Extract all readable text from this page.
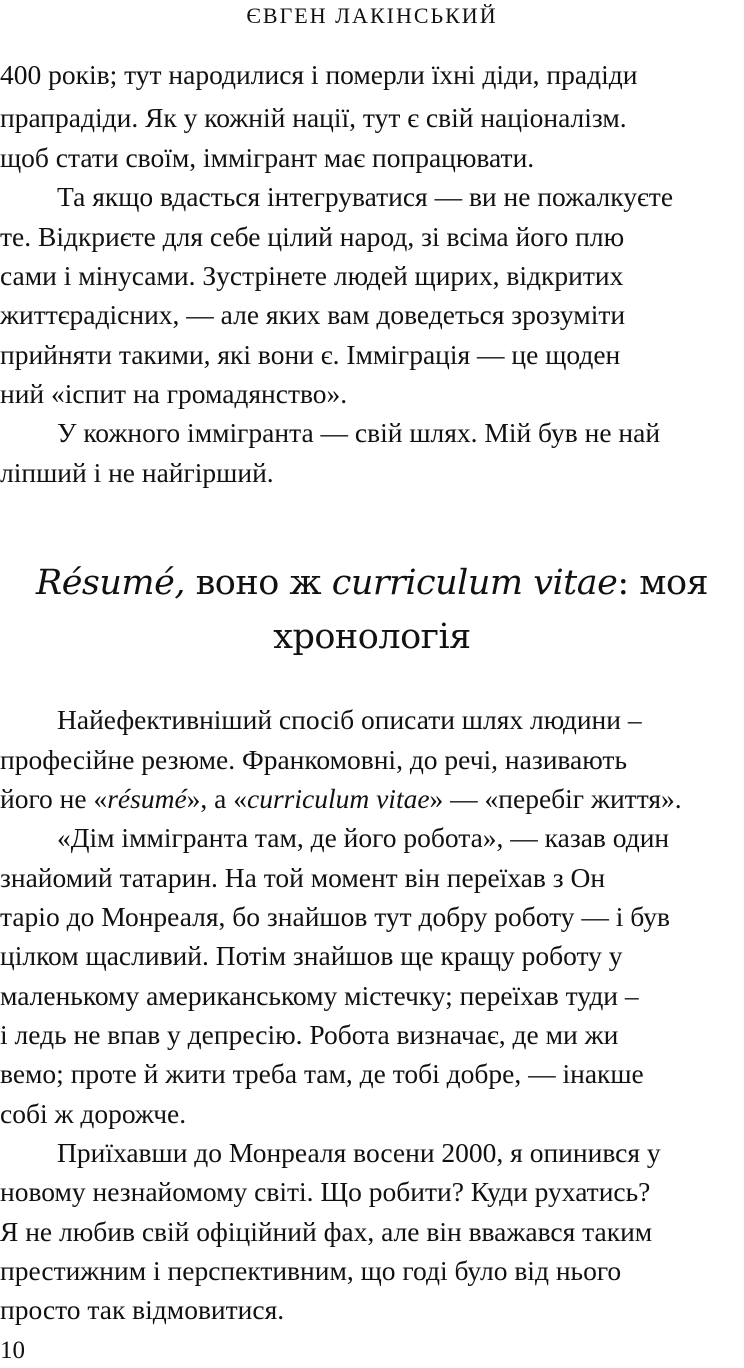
ЄВГЕН ЛАКІНСЬКИЙ
400 років; тут народилися і померли їхні діди, прадіди
прапрадіди. Як у кожній нації, тут є свій націоналізм.
щоб стати своїм, іммігрант має попрацювати.
Та якщо вдасться інтегруватися — ви не пожалкуєте
те. Відкриєте для себе цілий народ, зі всіма його плю
сами і мінусами. Зустрінете людей щирих, відкритих
життєрадісних, — але яких вам доведеться зрозуміти
прийняти такими, які вони є. Імміграція — це щоден
ний «іспит на громадянство».
У кожного іммігранта — свій шлях. Мій був не най
ліпший і не найгірший.
Résumé, воно ж curriculum vitae: моя
хронологія
Найефективніший спосіб описати шлях людини –
професійне резюме. Франкомовні, до речі, називають
його не «résumé», а «curriculum vitae» — «перебіг життя».
«Дім іммігранта там, де його робота», — казав один
знайомий татарин. На той момент він переїхав з Он
таріо до Монреаля, бо знайшов тут добру роботу — і був
цілком щасливий. Потім знайшов ще кращу роботу у
маленькому американському містечку; переїхав туди –
і ледь не впав у депресію. Робота визначає, де ми жи
вемо; проте й жити треба там, де тобі добре, — інакше
собі ж дорожче.
Приїхавши до Монреаля восени 2000, я опинився у
новому незнайомому світі. Що робити? Куди рухатись?
Я не любив свій офіційний фах, але він вважався таким
престижним і перспективним, що годі було від нього
просто так відмовитися.
10
